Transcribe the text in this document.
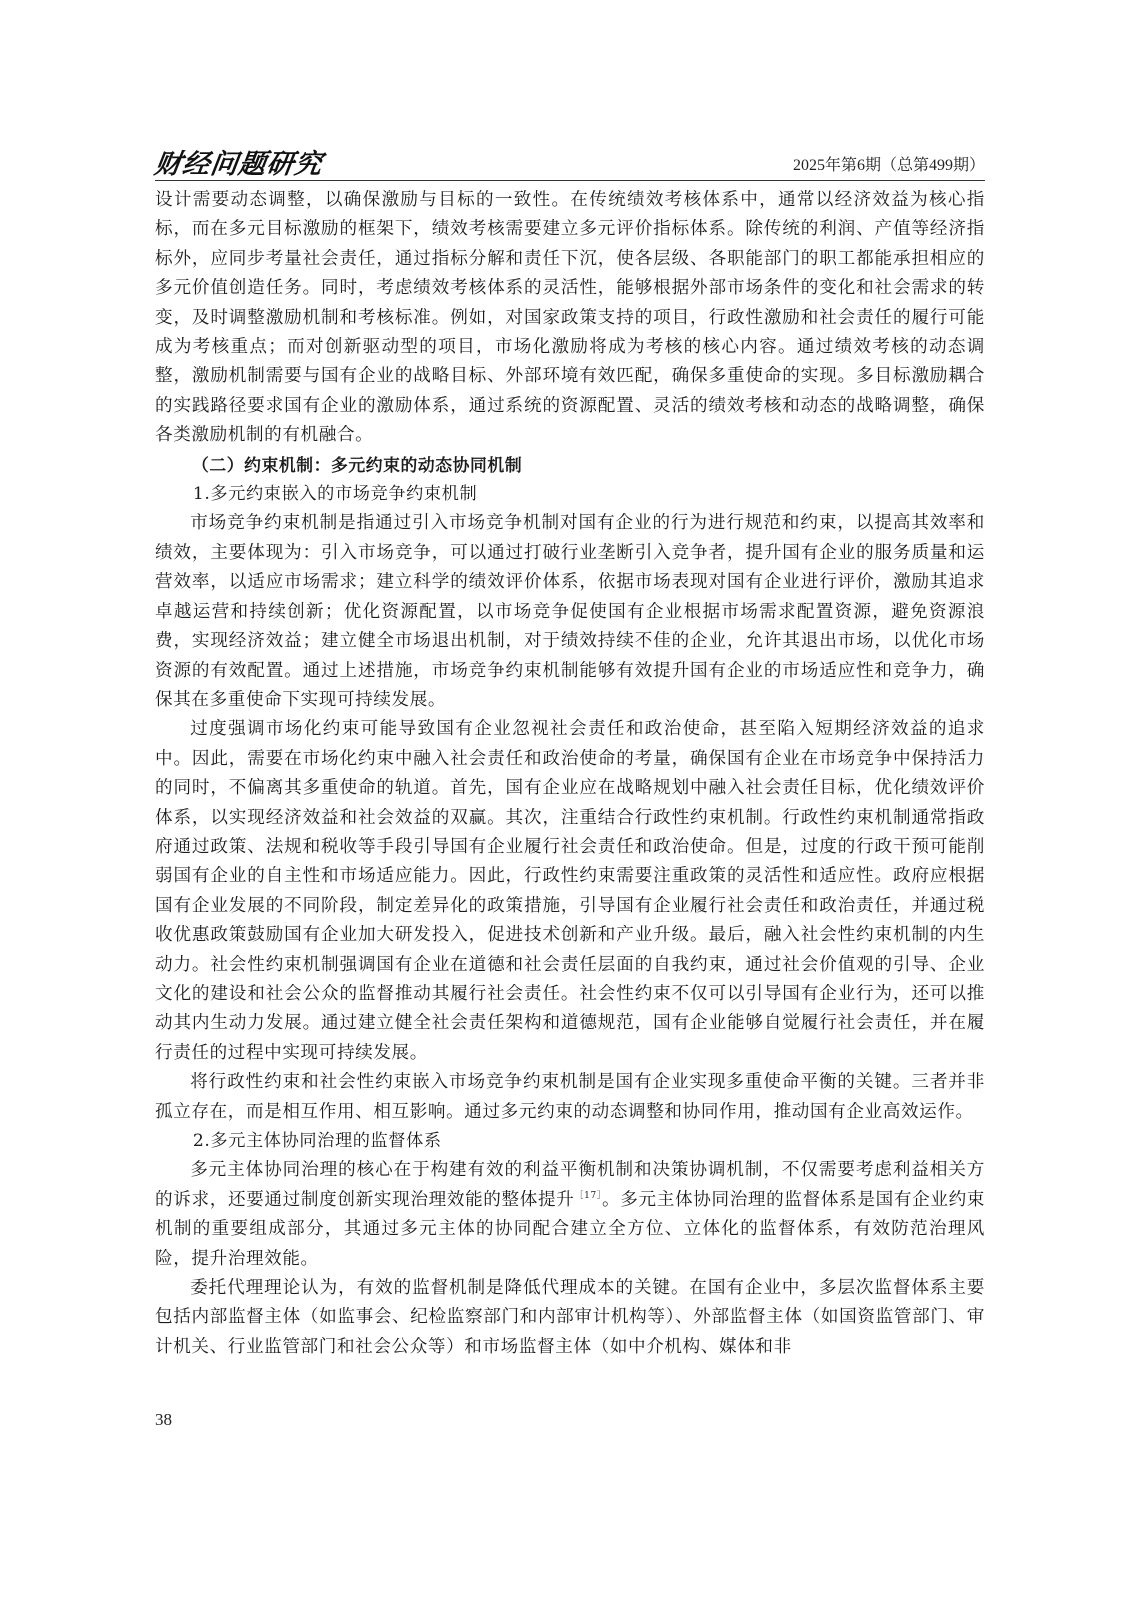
财经问题研究	2025年第6期（总第499期）

设计需要动态调整，以确保激励与目标的一致性。在传统绩效考核体系中，通常以经济效益为核心指标，而在多元目标激励的框架下，绩效考核需要建立多元评价指标体系。除传统的利润、产值等经济指标外，应同步考量社会责任，通过指标分解和责任下沉，使各层级、各职能部门的职工都能承担相应的多元价值创造任务。同时，考虑绩效考核体系的灵活性，能够根据外部市场条件的变化和社会需求的转变，及时调整激励机制和考核标准。例如，对国家政策支持的项目，行政性激励和社会责任的履行可能成为考核重点；而对创新驱动型的项目，市场化激励将成为考核的核心内容。通过绩效考核的动态调整，激励机制需要与国有企业的战略目标、外部环境有效匹配，确保多重使命的实现。多目标激励耦合的实践路径要求国有企业的激励体系，通过系统的资源配置、灵活的绩效考核和动态的战略调整，确保各类激励机制的有机融合。

（二）约束机制：多元约束的动态协同机制

1.多元约束嵌入的市场竞争约束机制

市场竞争约束机制是指通过引入市场竞争机制对国有企业的行为进行规范和约束，以提高其效率和绩效，主要体现为：引入市场竞争，可以通过打破行业垄断引入竞争者，提升国有企业的服务质量和运营效率，以适应市场需求；建立科学的绩效评价体系，依据市场表现对国有企业进行评价，激励其追求卓越运营和持续创新；优化资源配置，以市场竞争促使国有企业根据市场需求配置资源，避免资源浪费，实现经济效益；建立健全市场退出机制，对于绩效持续不佳的企业，允许其退出市场，以优化市场资源的有效配置。通过上述措施，市场竞争约束机制能够有效提升国有企业的市场适应性和竞争力，确保其在多重使命下实现可持续发展。

过度强调市场化约束可能导致国有企业忽视社会责任和政治使命，甚至陷入短期经济效益的追求中。因此，需要在市场化约束中融入社会责任和政治使命的考量，确保国有企业在市场竞争中保持活力的同时，不偏离其多重使命的轨道。首先，国有企业应在战略规划中融入社会责任目标，优化绩效评价体系，以实现经济效益和社会效益的双赢。其次，注重结合行政性约束机制。行政性约束机制通常指政府通过政策、法规和税收等手段引导国有企业履行社会责任和政治使命。但是，过度的行政干预可能削弱国有企业的自主性和市场适应能力。因此，行政性约束需要注重政策的灵活性和适应性。政府应根据国有企业发展的不同阶段，制定差异化的政策措施，引导国有企业履行社会责任和政治责任，并通过税收优惠政策鼓励国有企业加大研发投入，促进技术创新和产业升级。最后，融入社会性约束机制的内生动力。社会性约束机制强调国有企业在道德和社会责任层面的自我约束，通过社会价值观的引导、企业文化的建设和社会公众的监督推动其履行社会责任。社会性约束不仅可以引导国有企业行为，还可以推动其内生动力发展。通过建立健全社会责任架构和道德规范，国有企业能够自觉履行社会责任，并在履行责任的过程中实现可持续发展。

将行政性约束和社会性约束嵌入市场竞争约束机制是国有企业实现多重使命平衡的关键。三者并非孤立存在，而是相互作用、相互影响。通过多元约束的动态调整和协同作用，推动国有企业高效运作。

2.多元主体协同治理的监督体系

多元主体协同治理的核心在于构建有效的利益平衡机制和决策协调机制，不仅需要考虑利益相关方的诉求，还要通过制度创新实现治理效能的整体提升$^{[17]}$。多元主体协同治理的监督体系是国有企业约束机制的重要组成部分，其通过多元主体的协同配合建立全方位、立体化的监督体系，有效防范治理风险，提升治理效能。

委托代理理论认为，有效的监督机制是降低代理成本的关键。在国有企业中，多层次监督体系主要包括内部监督主体（如监事会、纪检监察部门和内部审计机构等）、外部监督主体（如国资监管部门、审计机关、行业监管部门和社会公众等）和市场监督主体（如中介机构、媒体和非

38
